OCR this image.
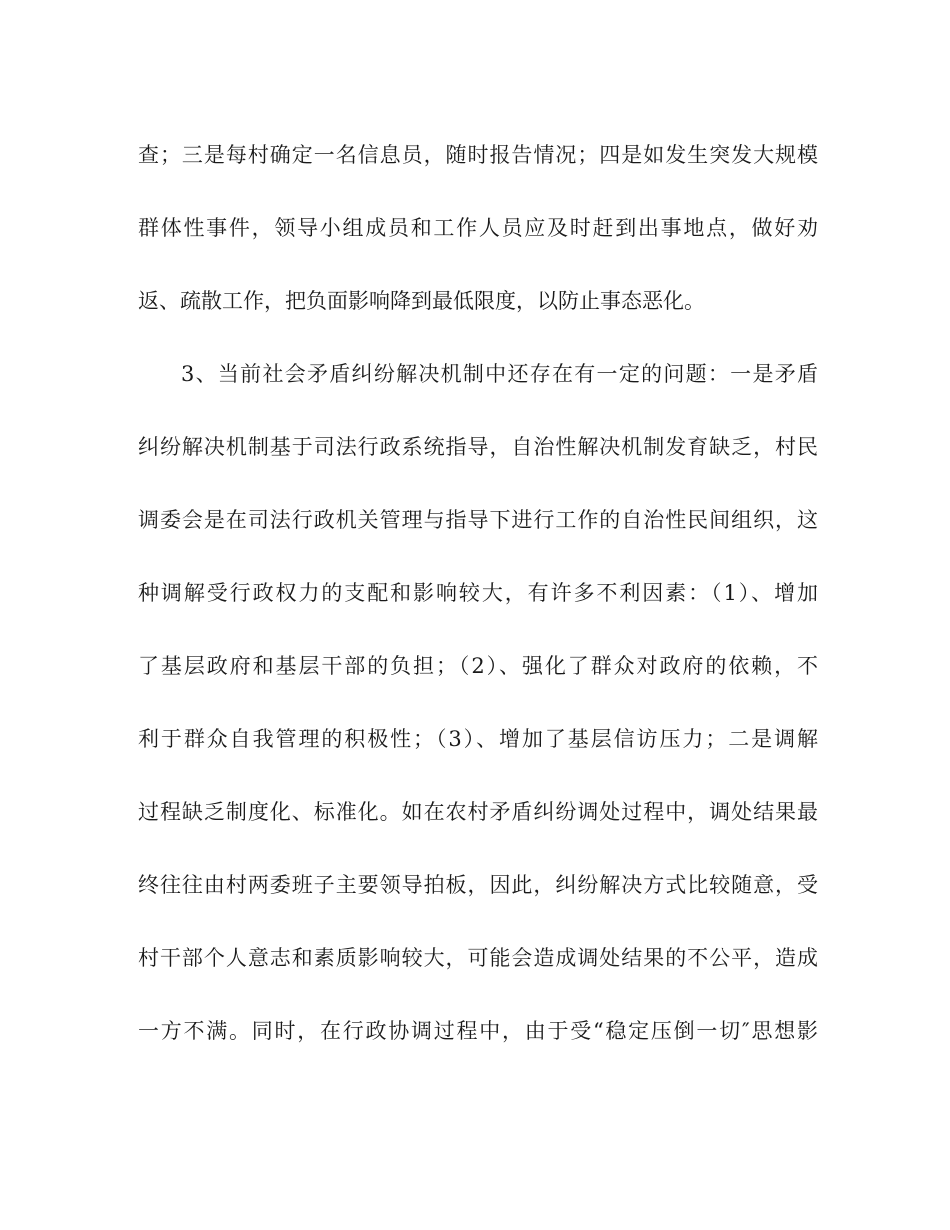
查；三是每村确定一名信息员，随时报告情况；四是如发生突发大规模
群体性事件，领导小组成员和工作人员应及时赶到出事地点，做好劝
返、疏散工作，把负面影响降到最低限度，以防止事态恶化。
3、当前社会矛盾纠纷解决机制中还存在有一定的问题：一是矛盾
纠纷解决机制基于司法行政系统指导，自治性解决机制发育缺乏，村民
调委会是在司法行政机关管理与指导下进行工作的自治性民间组织，这
种调解受行政权力的支配和影响较大，有许多不利因素：（1）、增加
了基层政府和基层干部的负担；（2）、强化了群众对政府的依赖，不
利于群众自我管理的积极性；（3）、增加了基层信访压力；二是调解
过程缺乏制度化、标准化。如在农村矛盾纠纷调处过程中，调处结果最
终往往由村两委班子主要领导拍板，因此，纠纷解决方式比较随意，受
村干部个人意志和素质影响较大，可能会造成调处结果的不公平，造成
一方不满。同时，在行政协调过程中，由于受“稳定压倒一切″思想影
